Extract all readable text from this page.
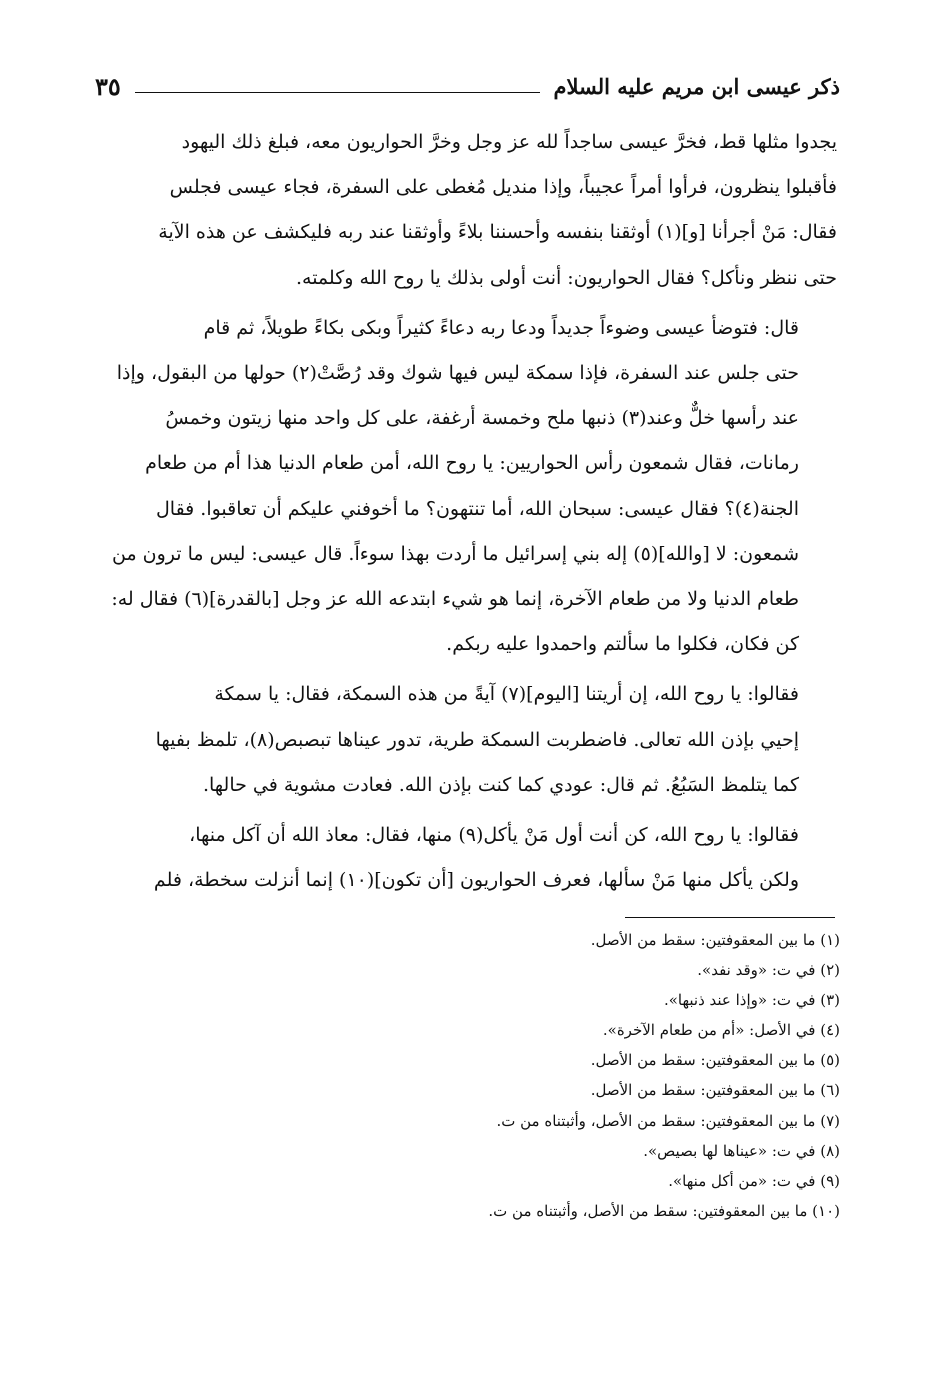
ذكر عيسى ابن مريم عليه السلام
٣٥

يجدوا مثلها قط، فخرَّ عيسى ساجداً لله عز وجل وخرَّ الحواريون معه، فبلغ ذلك اليهود
فأقبلوا ينظرون، فرأوا أمراً عجيباً، وإذا منديل مُغطى على السفرة، فجاء عيسى فجلس
فقال: مَنْ أجرأنا [و](١) أوثقنا بنفسه وأحسننا بلاءً وأوثقنا عند ربه فليكشف عن هذه الآية
حتى ننظر ونأكل؟ فقال الحواريون: أنت أولى بذلك يا روح الله وكلمته.

قال: فتوضأ عيسى وضوءاً جديداً ودعا ربه دعاءً كثيراً وبكى بكاءً طويلاً، ثم قام
حتى جلس عند السفرة، فإذا سمكة ليس فيها شوك وقد رُصَّتْ(٢) حولها من البقول، وإذا
عند رأسها خلٌّ وعند(٣) ذنبها ملح وخمسة أرغفة، على كل واحد منها زيتون وخمسُ
رمانات، فقال شمعون رأس الحواريين: يا روح الله، أمن طعام الدنيا هذا أم من طعام
الجنة(٤)؟ فقال عيسى: سبحان الله، أما تنتهون؟ ما أخوفني عليكم أن تعاقبوا. فقال
شمعون: لا [والله](٥) إله بني إسرائيل ما أردت بهذا سوءاً. قال عيسى: ليس ما ترون من
طعام الدنيا ولا من طعام الآخرة، إنما هو شيء ابتدعه الله عز وجل [بالقدرة](٦) فقال له:
كن فكان، فكلوا ما سألتم واحمدوا عليه ربكم.

فقالوا: يا روح الله، إن أريتنا [اليوم](٧) آيةً من هذه السمكة، فقال: يا سمكة
إحيي بإذن الله تعالى. فاضطربت السمكة طرية، تدور عيناها تبصبص(٨)، تلمظ بفيها
كما يتلمظ السَبُعُ. ثم قال: عودي كما كنت بإذن الله. فعادت مشوية في حالها.

فقالوا: يا روح الله، كن أنت أول مَنْ يأكل(٩) منها، فقال: معاذ الله أن آكل منها،
ولكن يأكل منها مَنْ سألها، فعرف الحواريون [أن تكون](١٠) إنما أنزلت سخطة، فلم

(١) ما بين المعقوفتين: سقط من الأصل.
(٢) في ت: «وقد نفد».
(٣) في ت: «وإذا عند ذنبها».
(٤) في الأصل: «أم من طعام الآخرة».
(٥) ما بين المعقوفتين: سقط من الأصل.
(٦) ما بين المعقوفتين: سقط من الأصل.
(٧) ما بين المعقوفتين: سقط من الأصل، وأثبتناه من ت.
(٨) في ت: «عيناها لها بصيص».
(٩) في ت: «من أكل منها».
(١٠) ما بين المعقوفتين: سقط من الأصل، وأثبتناه من ت.
